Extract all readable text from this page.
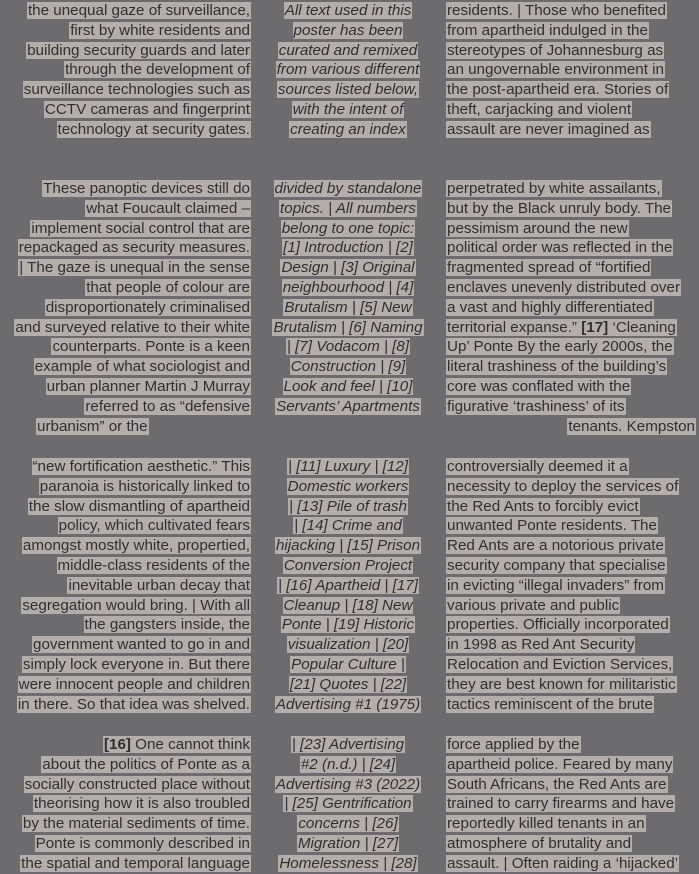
the unequal gaze of surveillance,
first by white residents and
building security guards and later
through the development of
surveillance technologies such as
CCTV cameras and fingerprint
technology at security gates.
These panoptic devices still do
what Foucault claimed –
implement social control that are
repackaged as security measures.
| The gaze is unequal in the sense
that people of colour are
disproportionately criminalised
and surveyed relative to their white
counterparts. Ponte is a keen
example of what sociologist and
urban planner Martin J Murray
referred to as “defensive
urbanism” or the
“new fortification aesthetic.” This
paranoia is historically linked to
the slow dismantling of apartheid
policy, which cultivated fears
amongst mostly white, propertied,
middle-class residents of the
inevitable urban decay that
segregation would bring. | With all
the gangsters inside, the
government wanted to go in and
simply lock everyone in. But there
were innocent people and children
in there. So that idea was shelved.
[16] One cannot think
about the politics of Ponte as a
socially constructed place without
theorising how it is also troubled
by the material sediments of time.
Ponte is commonly described in
the spatial and temporal language
All text used in this
poster has been
curated and remixed
from various different
sources listed below,
with the intent of
creating an index
divided by standalone
topics. | All numbers
belong to one topic:
[1] Introduction | [2]
Design | [3] Original
neighbourhood | [4]
Brutalism | [5] New
Brutalism | [6] Naming
| [7] Vodacom | [8]
Construction | [9]
Look and feel | [10]
Servants’ Apartments
| [11] Luxury | [12]
Domestic workers
| [13] Pile of trash
| [14] Crime and
hijacking | [15] Prison
Conversion Project
| [16] Apartheid | [17]
Cleanup | [18] New
Ponte | [19] Historic
visualization | [20]
Popular Culture |
[21] Quotes | [22]
Advertising #1 (1975)
| [23] Advertising
#2 (n.d.) | [24]
Advertising #3 (2022)
| [25] Gentrification
concerns | [26]
Migration | [27]
Homelessness | [28]
residents. | Those who benefited
from apartheid indulged in the
stereotypes of Johannesburg as
an ungovernable environment in
the post-apartheid era. Stories of
theft, carjacking and violent
assault are never imagined as
perpetrated by white assailants,
but by the Black unruly body. The
pessimism around the new
political order was reflected in the
fragmented spread of “fortified
enclaves unevenly distributed over
a vast and highly differentiated
territorial expanse.” [17] ‘Cleaning
Up’ Ponte By the early 2000s, the
literal trashiness of the building’s
core was conflated with the
figurative ‘trashiness’ of its
tenants. Kempston
controversially deemed it a
necessity to deploy the services of
the Red Ants to forcibly evict
unwanted Ponte residents. The
Red Ants are a notorious private
security company that specialise
in evicting “illegal invaders” from
various private and public
properties. Officially incorporated
in 1998 as Red Ant Security
Relocation and Eviction Services,
they are best known for militaristic
tactics reminiscent of the brute
force applied by the
apartheid police. Feared by many
South Africans, the Red Ants are
trained to carry firearms and have
reportedly killed tenants in an
atmosphere of brutality and
assault. | Often raiding a ‘hijacked’
